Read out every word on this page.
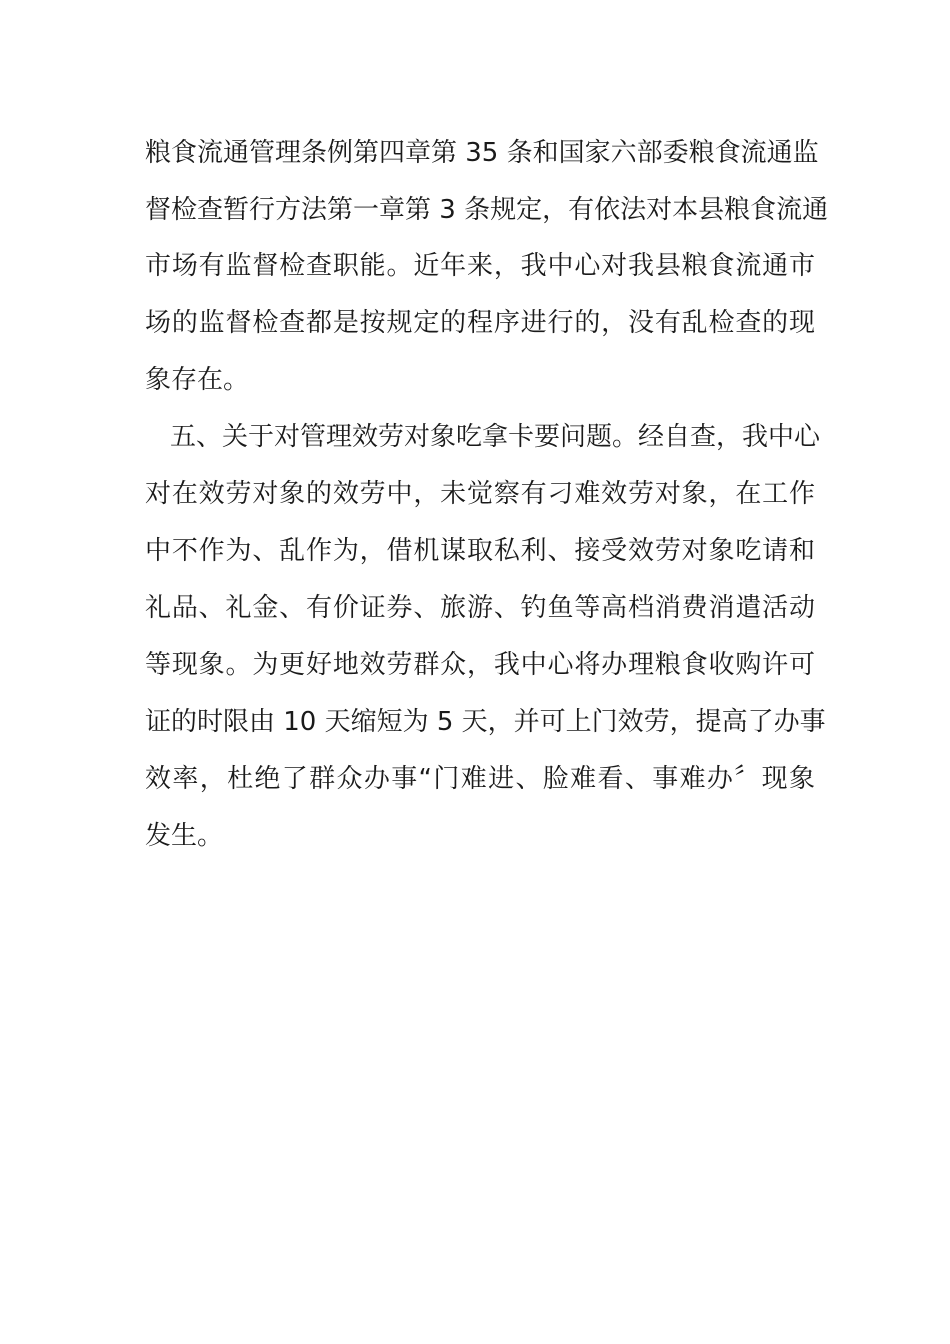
粮食流通管理条例第四章第 35 条和国家六部委粮食流通监
督检查暂行方法第一章第 3 条规定，有依法对本县粮食流通
市场有监督检查职能。近年来，我中心对我县粮食流通市
场的监督检查都是按规定的程序进行的，没有乱检查的现
象存在。
五、关于对管理效劳对象吃拿卡要问题。经自查，我中心
对在效劳对象的效劳中，未觉察有刁难效劳对象，在工作
中不作为、乱作为，借机谋取私利、接受效劳对象吃请和
礼品、礼金、有价证券、旅游、钓鱼等高档消费消遣活动
等现象。为更好地效劳群众，我中心将办理粮食收购许可
证的时限由 10 天缩短为 5 天，并可上门效劳，提高了办事
效率，杜绝了群众办事“门难进、脸难看、事难办〞现象
发生。
